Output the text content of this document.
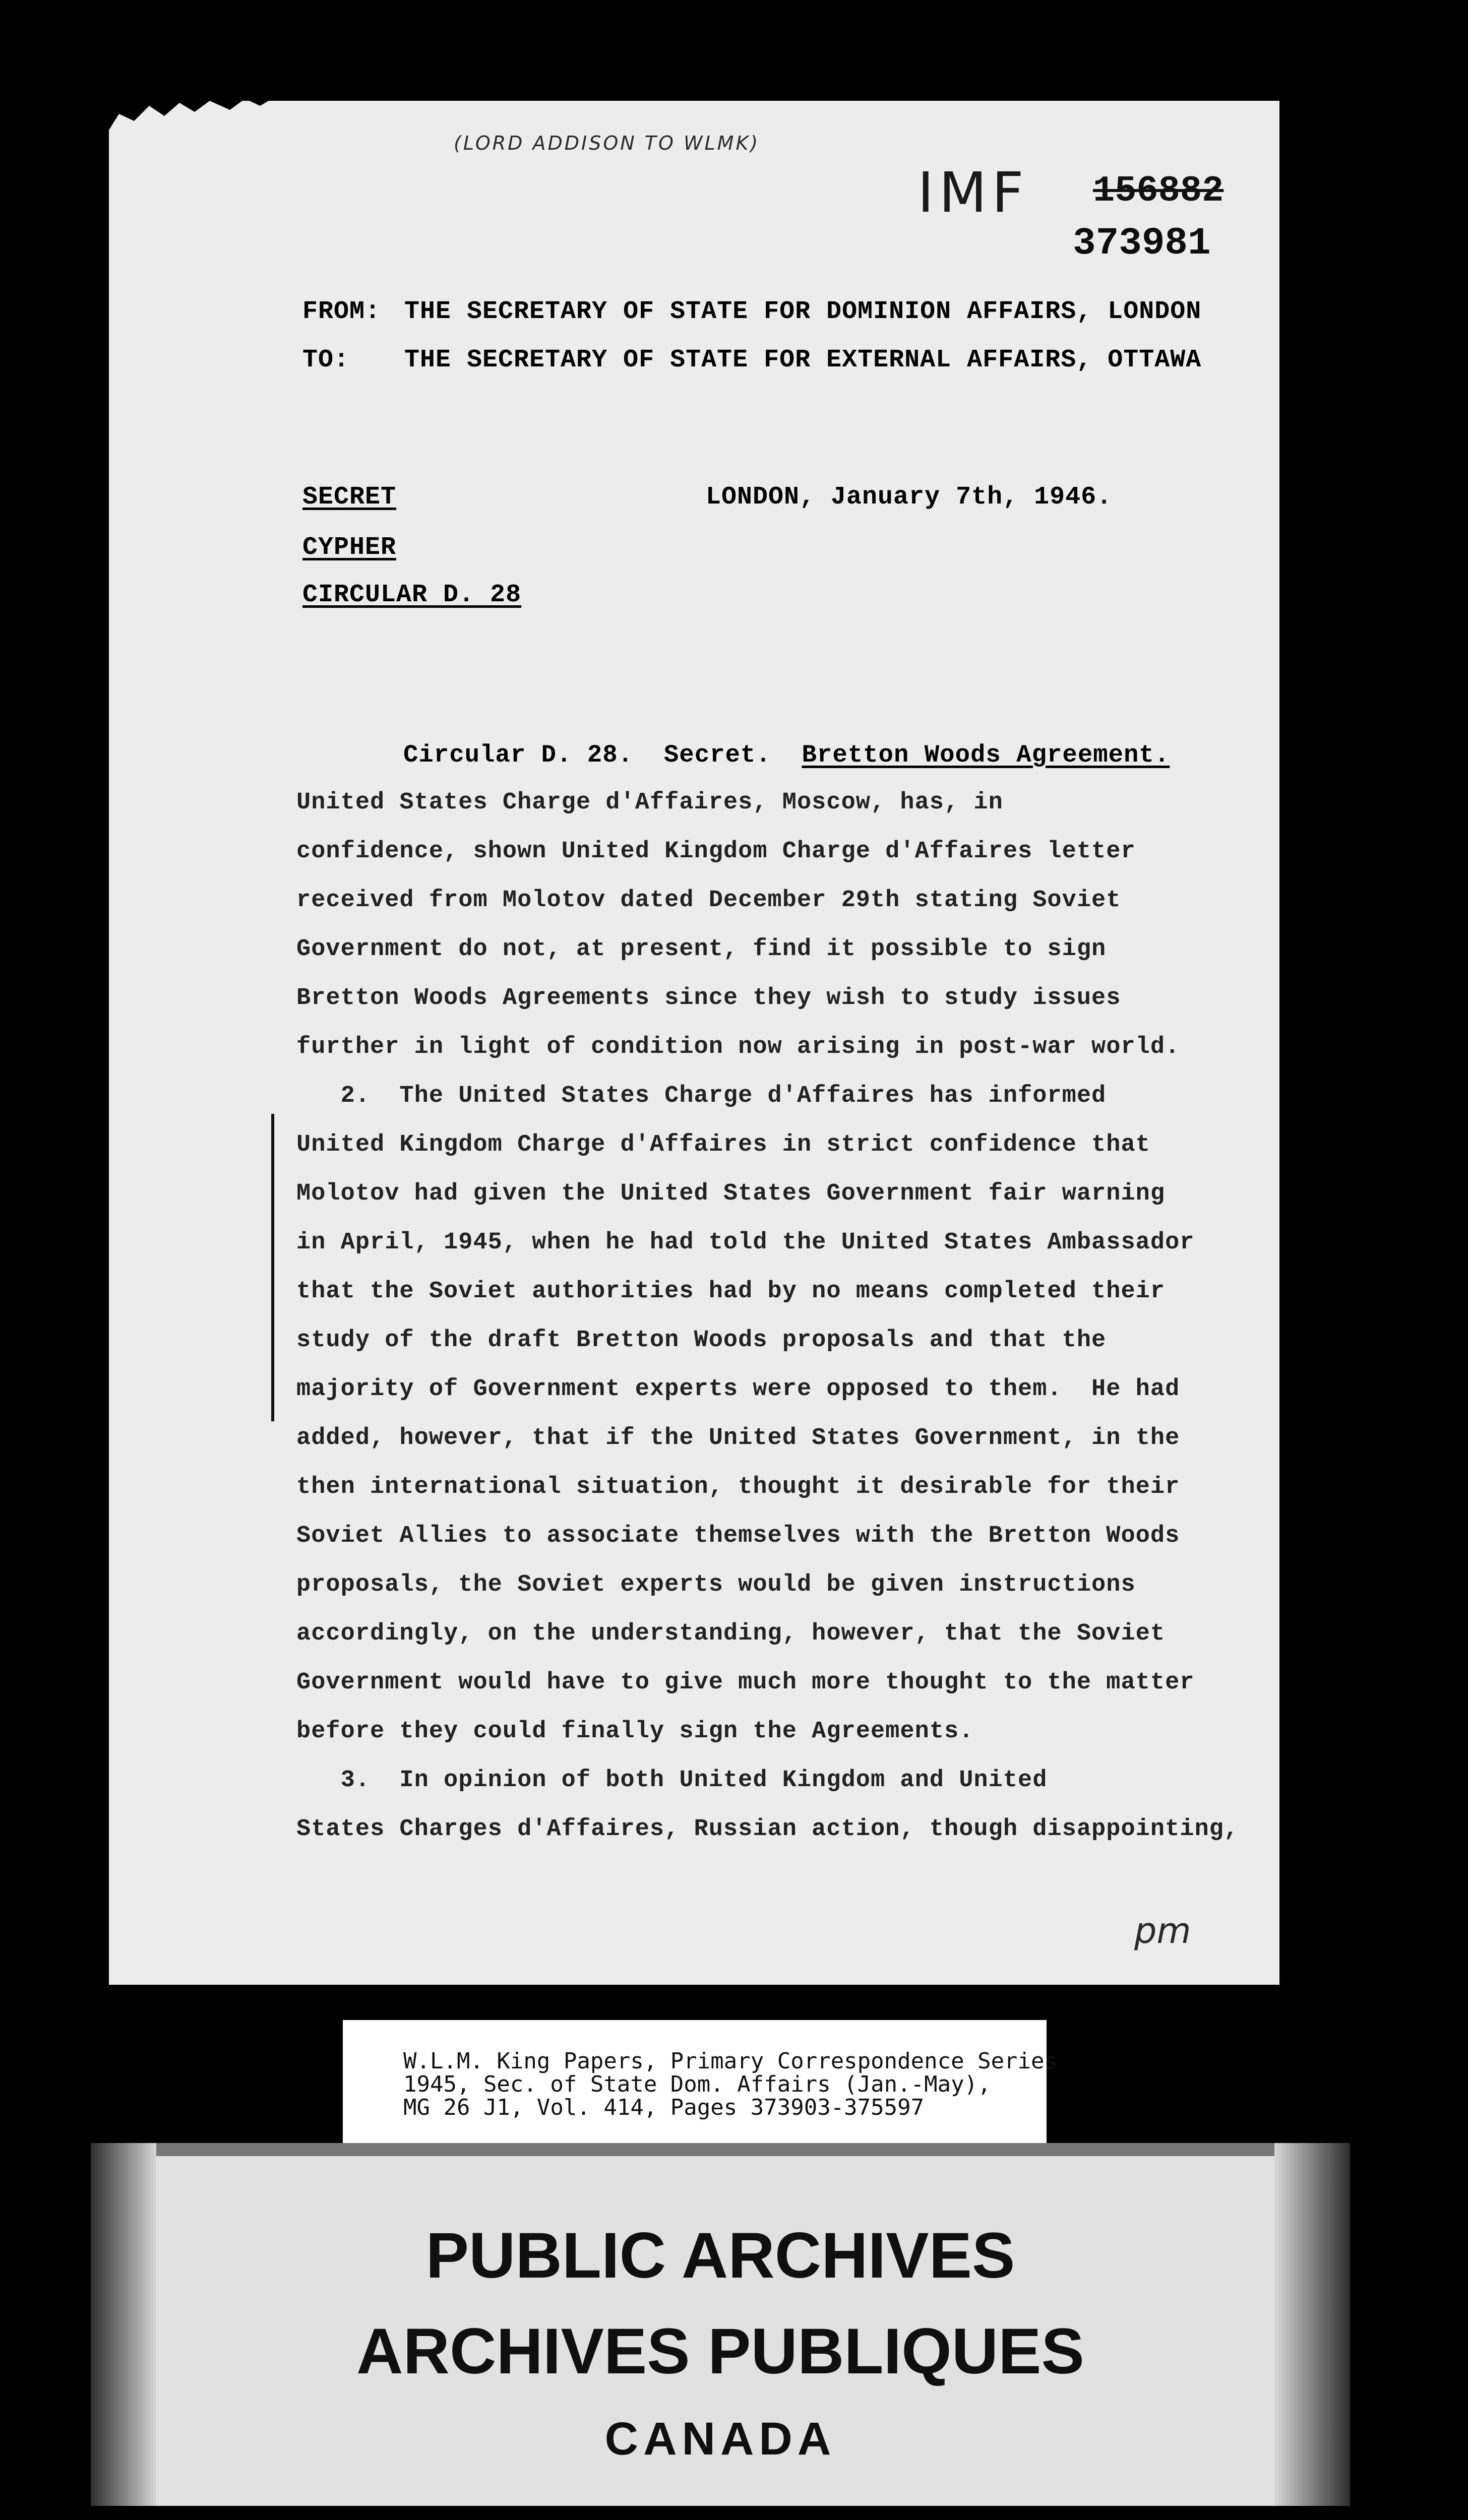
(LORD ADDISON TO WLMK)
IMF 156882
373981
FROM: THE SECRETARY OF STATE FOR DOMINION AFFAIRS, LONDON
TO: THE SECRETARY OF STATE FOR EXTERNAL AFFAIRS, OTTAWA
SECRET
CYPHER
CIRCULAR D. 28
LONDON, January 7th, 1946.
Circular D. 28.  Secret.  Bretton Woods Agreement.
United States Charge d'Affaires, Moscow, has, in
confidence, shown United Kingdom Charge d'Affaires letter
received from Molotov dated December 29th stating Soviet
Government do not, at present, find it possible to sign
Bretton Woods Agreements since they wish to study issues
further in light of condition now arising in post-war world.
2.  The United States Charge d'Affaires has informed
United Kingdom Charge d'Affaires in strict confidence that
Molotov had given the United States Government fair warning
in April, 1945, when he had told the United States Ambassador
that the Soviet authorities had by no means completed their
study of the draft Bretton Woods proposals and that the
majority of Government experts were opposed to them.  He had
added, however, that if the United States Government, in the
then international situation, thought it desirable for their
Soviet Allies to associate themselves with the Bretton Woods
proposals, the Soviet experts would be given instructions
accordingly, on the understanding, however, that the Soviet
Government would have to give much more thought to the matter
before they could finally sign the Agreements.
3.  In opinion of both United Kingdom and United
States Charges d'Affaires, Russian action, though disappointing,
pm
W.L.M. King Papers, Primary Correspondence Series
1945, Sec. of State Dom. Affairs (Jan.-May),
MG 26 J1, Vol. 414, Pages 373903-375597
PUBLIC ARCHIVES
ARCHIVES PUBLIQUES
CANADA
